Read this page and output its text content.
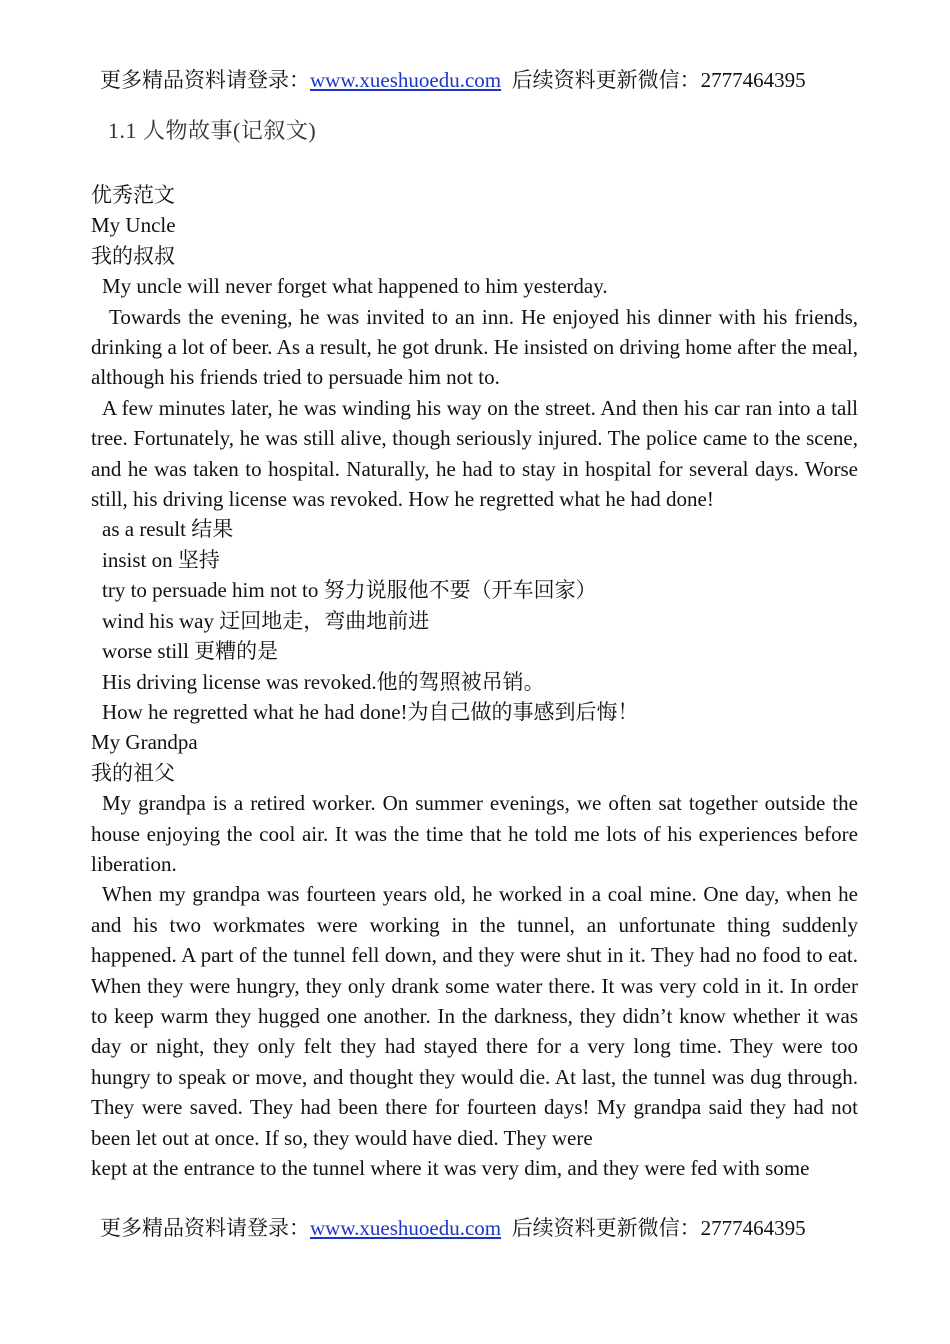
更多精品资料请登录：www.xueshuoedu.com 后续资料更新微信：2777464395
1.1 人物故事(记叙文)

优秀范文

My Uncle

我的叔叔

My uncle will never forget what happened to him yesterday.

Towards the evening, he was invited to an inn. He enjoyed his dinner with his friends, drinking a lot of beer. As a result, he got drunk. He insisted on driving home after the meal, although his friends tried to persuade him not to.

A few minutes later, he was winding his way on the street. And then his car ran into a tall tree. Fortunately, he was still alive, though seriously injured. The police came to the scene, and he was taken to hospital. Naturally, he had to stay in hospital for several days. Worse still, his driving license was revoked. How he regretted what he had done!

as a result 结果

insist on 坚持

try to persuade him not to 努力说服他不要（开车回家）

wind his way 迂回地走，弯曲地前进

worse still 更糟的是

His driving license was revoked.他的驾照被吊销。

How he regretted what he had done!为自己做的事感到后悔！

My Grandpa

我的祖父

My grandpa is a retired worker. On summer evenings, we often sat together outside the house enjoying the cool air. It was the time that he told me lots of his experiences before liberation.

When my grandpa was fourteen years old, he worked in a coal mine. One day, when he and his two workmates were working in the tunnel, an unfortunate thing suddenly happened. A part of the tunnel fell down, and they were shut in it. They had no food to eat. When they were hungry, they only drank some water there. It was very cold in it. In order to keep warm they hugged one another. In the darkness, they didn’t know whether it was day or night, they only felt they had stayed there for a very long time. They were too hungry to speak or move, and thought they would die. At last, the tunnel was dug through. They were saved. They had been there for fourteen days! My grandpa said they had not been let out at once. If so, they would have died. They were

kept at the entrance to the tunnel where it was very dim, and they were fed with some

更多精品资料请登录：www.xueshuoedu.com 后续资料更新微信：2777464395
